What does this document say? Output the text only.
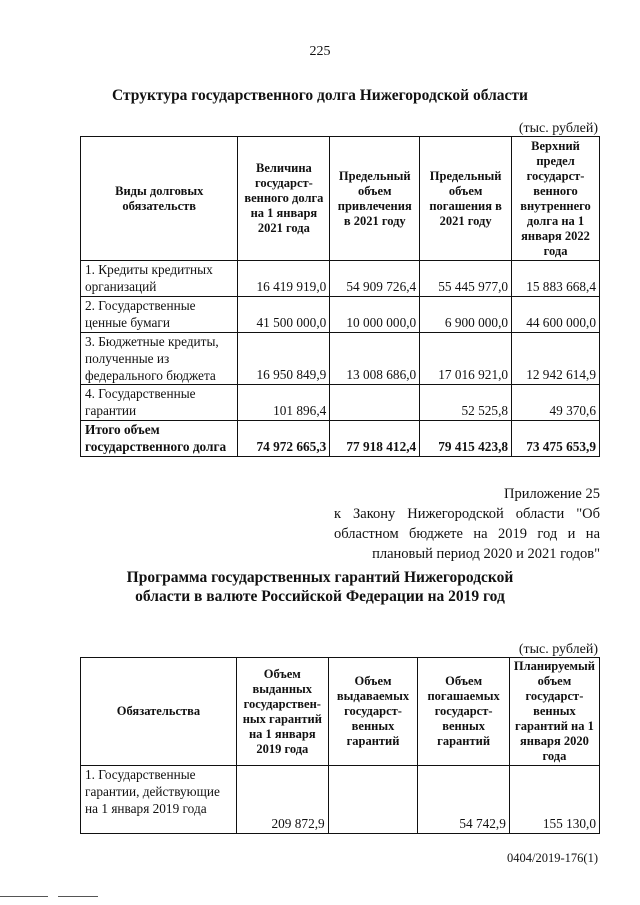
225
Структура государственного долга Нижегородской области
(тыс. рублей)
Виды долговых обязательств	Величина государст-венного долга на 1 января 2021 года	Предельный объем привлечения в 2021 году	Предельный объем погашения в 2021 году	Верхний предел государст-венного внутреннего долга на 1 января 2022 года
1. Кредиты кредитных организаций	16 419 919,0	54 909 726,4	55 445 977,0	15 883 668,4
2. Государственные ценные бумаги	41 500 000,0	10 000 000,0	6 900 000,0	44 600 000,0
3. Бюджетные кредиты, полученные из федерального бюджета	16 950 849,9	13 008 686,0	17 016 921,0	12 942 614,9
4. Государственные гарантии	101 896,4		52 525,8	49 370,6
Итого объем государственного долга	74 972 665,3	77 918 412,4	79 415 423,8	73 475 653,9
Приложение 25

к Закону Нижегородской области "Об областном бюджете на 2019 год и на плановый период 2020 и 2021 годов"

Программа государственных гарантий Нижегородской области в валюте Российской Федерации на 2019 год
(тыс. рублей)
Обязательства	Объем выданных государствен-ных гарантий на 1 января 2019 года	Объем выдаваемых государст-венных гарантий	Объем погашаемых государст-венных гарантий	Планируемый объем государст-венных гарантий на 1 января 2020 года
1. Государственные гарантии, действующие на 1 января 2019 года	209 872,9		54 742,9	155 130,0
0404/2019-176(1)
